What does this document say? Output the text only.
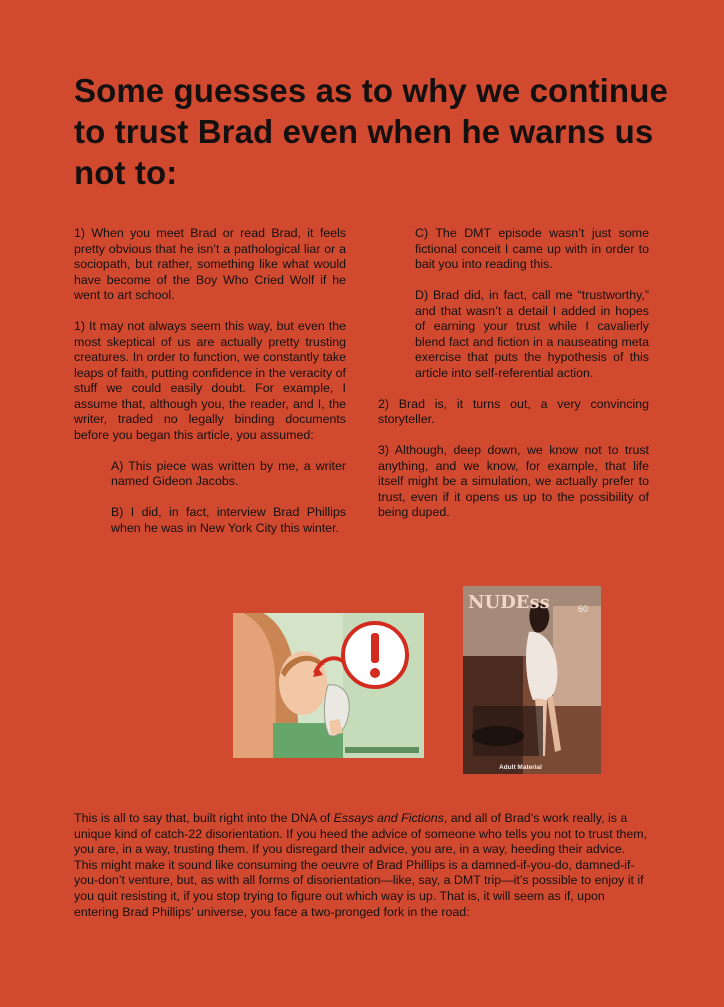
Some guesses as to why we continue to trust Brad even when he warns us not to:

1) When you meet Brad or read Brad, it feels pretty obvious that he isn’t a pathological liar or a sociopath, but rather, something like what would have become of the Boy Who Cried Wolf if he went to art school.

1) It may not always seem this way, but even the most skeptical of us are actually pretty trusting creatures. In order to function, we constantly take leaps of faith, putting confidence in the veracity of stuff we could easily doubt. For example, I assume that, although you, the reader, and I, the writer, traded no legally binding documents before you began this article, you assumed:

A) This piece was written by me, a writer named Gideon Jacobs.

B) I did, in fact, interview Brad Phillips when he was in New York City this winter.

C) The DMT episode wasn’t just some fictional conceit I came up with in order to bait you into reading this.

D) Brad did, in fact, call me “trustworthy,” and that wasn’t a detail I added in hopes of earning your trust while I cavalierly blend fact and fiction in a nauseating meta exercise that puts the hypothesis of this article into self-referential action.

2) Brad is, it turns out, a very convincing storyteller.

3) Although, deep down, we know not to trust anything, and we know, for example, that life itself might be a simulation, we actually prefer to trust, even if it opens us up to the possibility of being duped.

NUDEss	60
Adult Material

This is all to say that, built right into the DNA of Essays and Fictions, and all of Brad’s work really, is a unique kind of catch-22 disorientation. If you heed the advice of someone who tells you not to trust them, you are, in a way, trusting them. If you disregard their advice, you are, in a way, heeding their advice. This might make it sound like consuming the oeuvre of Brad Phillips is a damned-if-you-do, damned-if-you-don’t venture, but, as with all forms of disorientation—like, say, a DMT trip—it’s possible to enjoy it if you quit resisting it, if you stop trying to figure out which way is up. That is, it will seem as if, upon entering Brad Phillips’ universe, you face a two-pronged fork in the road:
